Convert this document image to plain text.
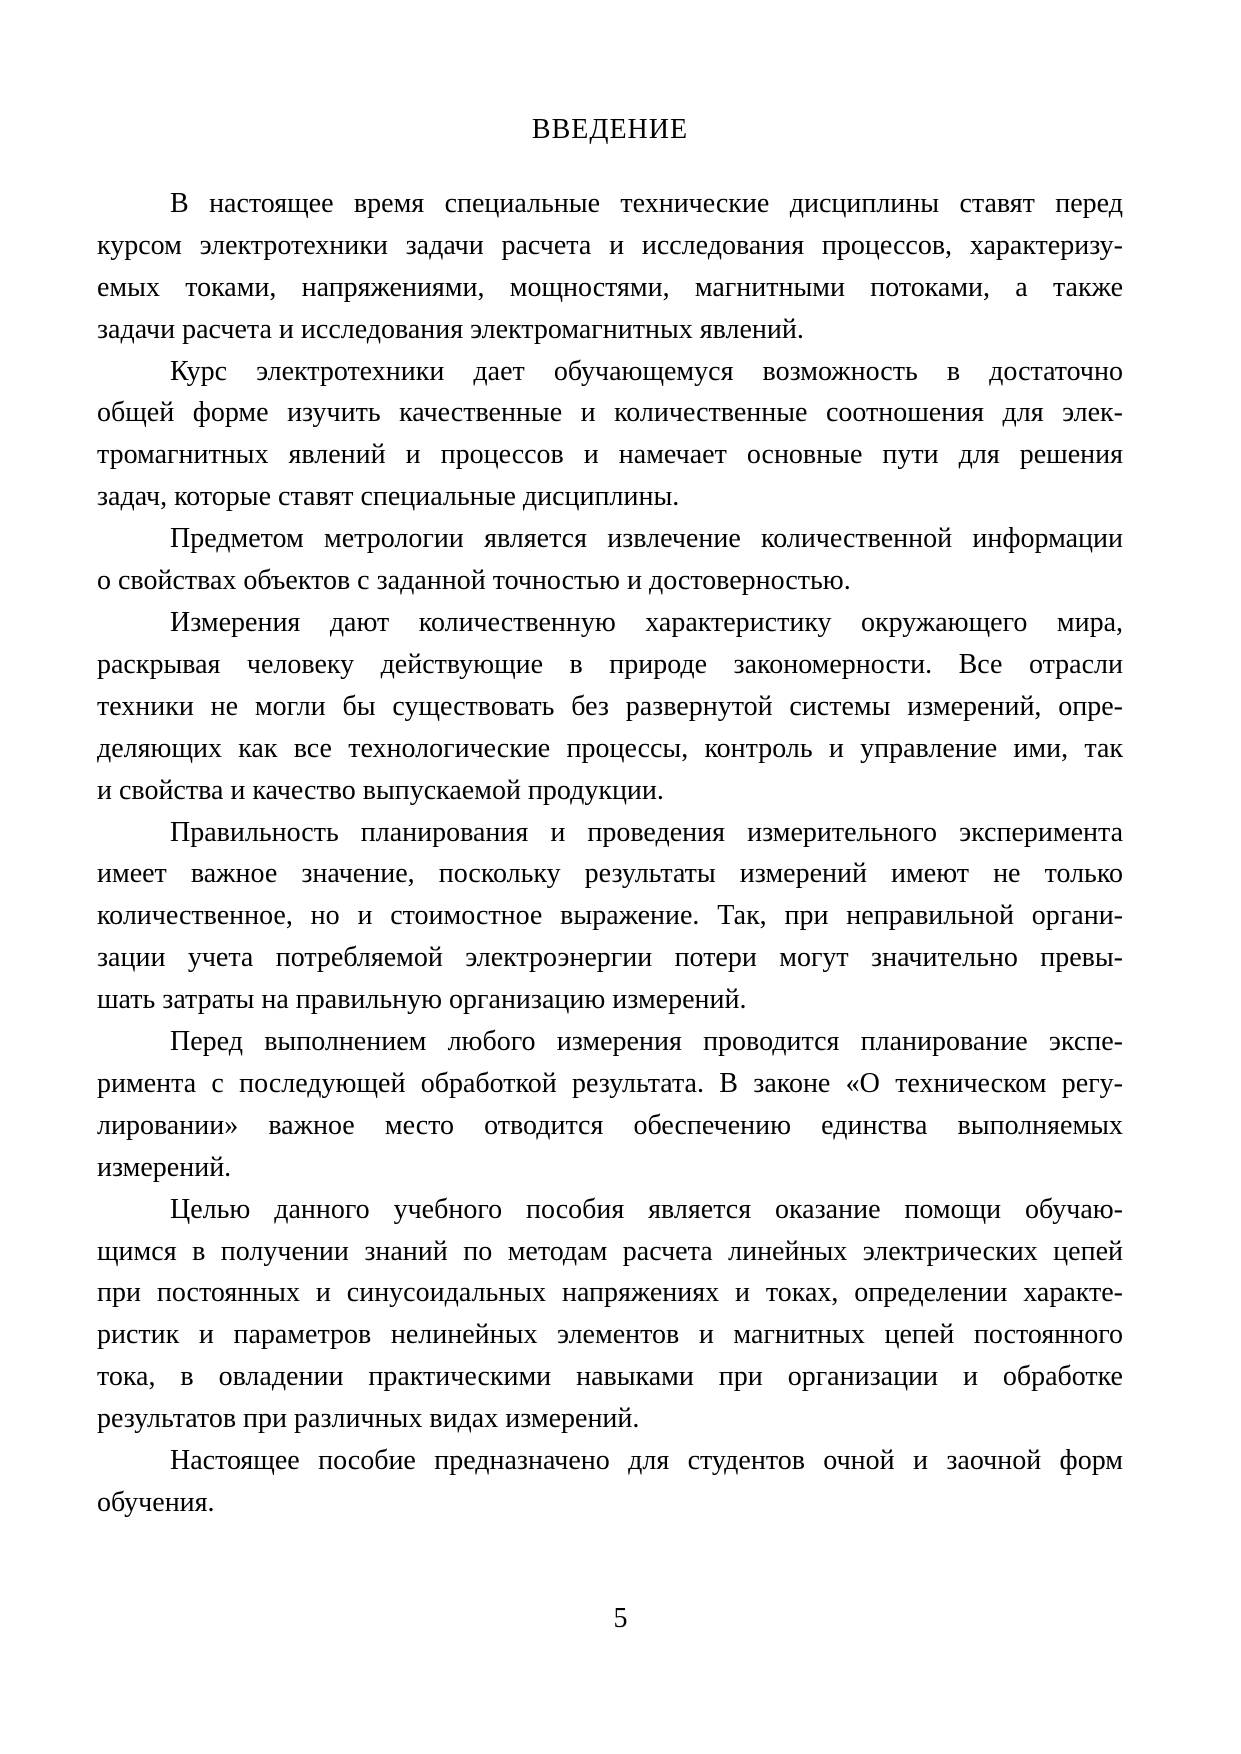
ВВЕДЕНИЕ
В настоящее время специальные технические дисциплины ставят перед
курсом электротехники задачи расчета и исследования процессов, характеризу-
емых токами, напряжениями, мощностями, магнитными потоками, а также
задачи расчета и исследования электромагнитных явлений.
Курс электротехники дает обучающемуся возможность в достаточно
общей форме изучить качественные и количественные соотношения для элек-
тромагнитных явлений и процессов и намечает основные пути для решения
задач, которые ставят специальные дисциплины.
Предметом метрологии является извлечение количественной информации
о свойствах объектов с заданной точностью и достоверностью.
Измерения дают количественную характеристику окружающего мира,
раскрывая человеку действующие в природе закономерности. Все отрасли
техники не могли бы существовать без развернутой системы измерений, опре-
деляющих как все технологические процессы, контроль и управление ими, так
и свойства и качество выпускаемой продукции.
Правильность планирования и проведения измерительного эксперимента
имеет важное значение, поскольку результаты измерений имеют не только
количественное, но и стоимостное выражение. Так, при неправильной органи-
зации учета потребляемой электроэнергии потери могут значительно превы-
шать затраты на правильную организацию измерений.
Перед выполнением любого измерения проводится планирование экспе-
римента с последующей обработкой результата. В законе «О техническом регу-
лировании» важное место отводится обеспечению единства выполняемых
измерений.
Целью данного учебного пособия является оказание помощи обучаю-
щимся в получении знаний по методам расчета линейных электрических цепей
при постоянных и синусоидальных напряжениях и токах, определении характе-
ристик и параметров нелинейных элементов и магнитных цепей постоянного
тока, в овладении практическими навыками при организации и обработке
результатов при различных видах измерений.
Настоящее пособие предназначено для студентов очной и заочной форм
обучения.
5
